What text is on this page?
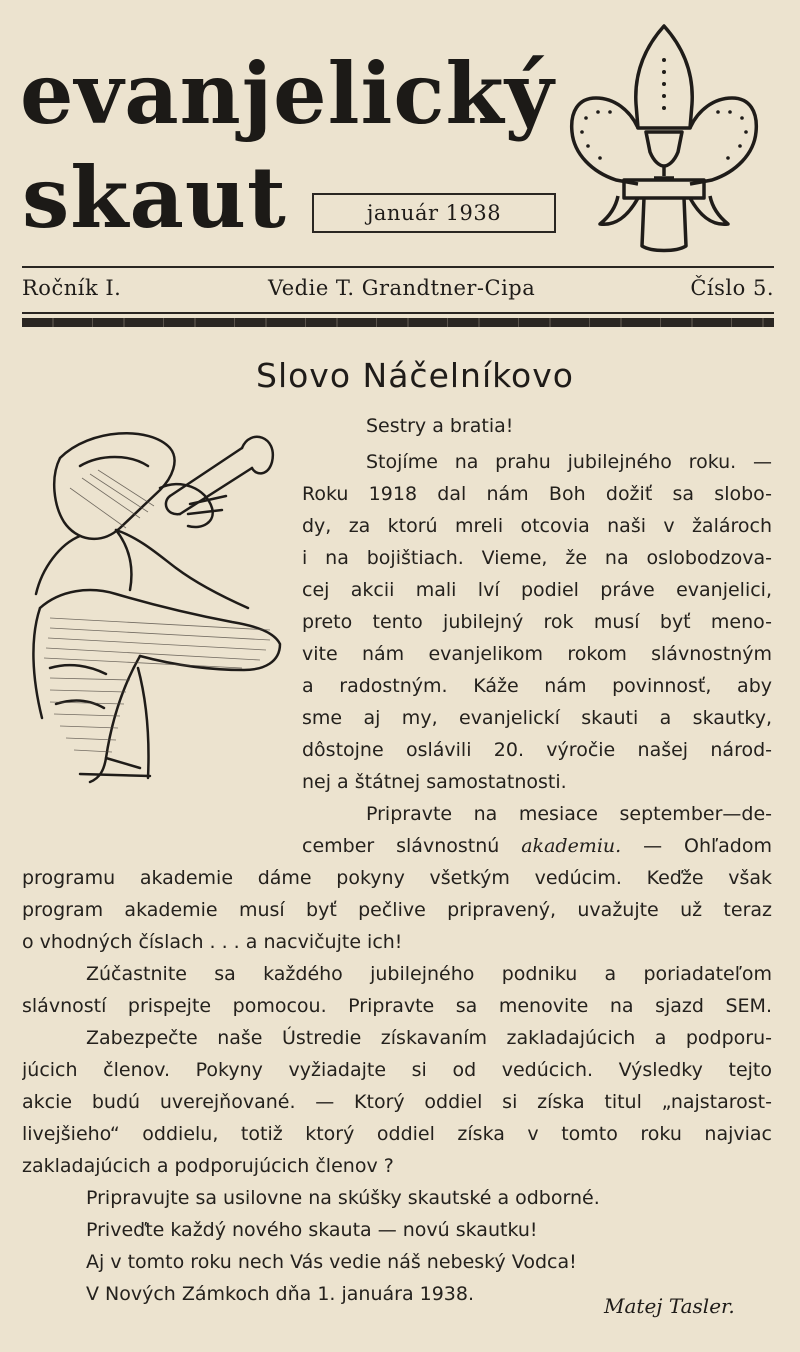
evanjelický
skaut	január 1938
Ročník I.	Vedie T. Grandtner-Cipa	Číslo 5.
Slovo Náčelníkovo

Sestry a bratia!

Stojíme na prahu jubilejného roku. —

Roku 1918 dal nám Boh dožiť sa slobo-

dy, za ktorú mreli otcovia naši v žalároch

i na bojištiach. Vieme, že na oslobodzova-

cej akcii mali lví podiel práve evanjelici,

preto tento jubilejný rok musí byť meno-

vite nám evanjelikom rokom slávnostným

a radostným. Káže nám povinnosť, aby

sme aj my, evanjelickí skauti a skautky,

dôstojne oslávili 20. výročie našej národ-

nej a štátnej samostatnosti.

Pripravte na mesiace september—de-

cember slávnostnú akademiu. — Ohľadom

programu akademie dáme pokyny všetkým vedúcim. Keďže však

program akademie musí byť pečlive pripravený, uvažujte už teraz

o vhodných číslach . . . a nacvičujte ich!

Zúčastnite sa každého jubilejného podniku a poriadateľom

slávností prispejte pomocou. Pripravte sa menovite na sjazd SEM.

Zabezpečte naše Ústredie získavaním zakladajúcich a podporu-

júcich členov. Pokyny vyžiadajte si od vedúcich. Výsledky tejto

akcie budú uverejňované. — Ktorý oddiel si získa titul „najstarost-

livejšieho“ oddielu, totiž ktorý oddiel získa v tomto roku najviac

zakladajúcich a podporujúcich členov ?

Pripravujte sa usilovne na skúšky skautské a odborné.

Priveďte každý nového skauta — novú skautku!

Aj v tomto roku nech Vás vedie náš nebeský Vodca!

V Nových Zámkoch dňa 1. januára 1938.	Matej Tasler.
